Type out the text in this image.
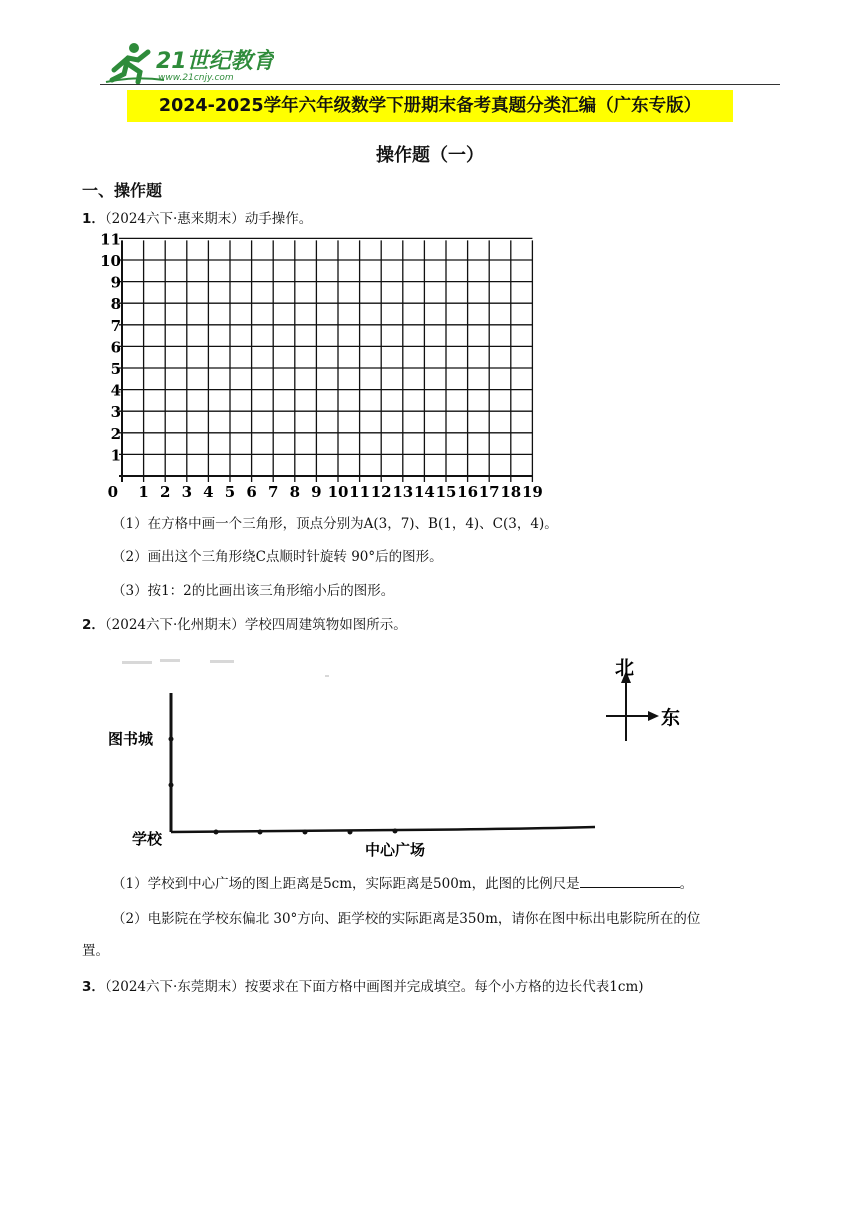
21世纪教育
www.21cnjy.com
2024-2025学年六年级数学下册期末备考真题分类汇编（广东专版）
操作题（一）
一、操作题
1．（2024六下·惠来期末）动手操作。
0 1 2 3 4 5 6 7 8 9 10 11 12 13 14 15 16 17 18 19
1
2
3
4
5
6
7
8
9
10
11
（1）在方格中画一个三角形，顶点分别为A(3，7)、B(1，4)、C(3，4)。
（2）画出这个三角形绕C点顺时针旋转 90°后的图形。
（3）按1：2的比画出该三角形缩小后的图形。
2．（2024六下·化州期末）学校四周建筑物如图所示。
图书城
学校
中心广场
北
东
（1）学校到中心广场的图上距离是5cm，实际距离是500m，此图的比例尺是	。
（2）电影院在学校东偏北 30°方向、距学校的实际距离是350m，请你在图中标出电影院所在的位
置。
3．（2024六下·东莞期末）按要求在下面方格中画图并完成填空。每个小方格的边长代表1cm)
